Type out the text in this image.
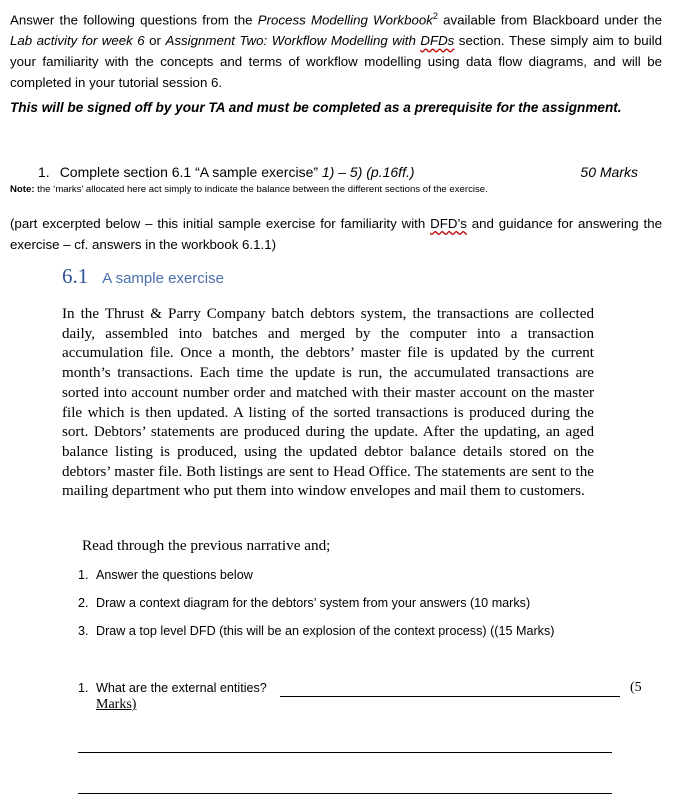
Answer the following questions from the Process Modelling Workbook$^2$ available from Blackboard under the Lab activity for week 6 or Assignment Two: Workflow Modelling with DFDs section. These simply aim to build your familiarity with the concepts and terms of workflow modelling using data flow diagrams, and will be completed in your tutorial session 6.
This will be signed off by your TA and must be completed as a prerequisite for the assignment.
1. Complete section 6.1 “A sample exercise” 1) – 5) (p.16ff.)	50 Marks
Note: the ‘marks’ allocated here act simply to indicate the balance between the different sections of the exercise.
(part excerpted below – this initial sample exercise for familiarity with DFD’s and guidance for answering the exercise – cf. answers in the workbook 6.1.1)
6.1 A sample exercise
In the Thrust & Parry Company batch debtors system, the transactions are collected daily, assembled into batches and merged by the computer into a transaction accumulation file. Once a month, the debtors’ master file is updated by the current month’s transactions. Each time the update is run, the accumulated transactions are sorted into account number order and matched with their master account on the master file which is then updated. A listing of the sorted transactions is produced during the sort. Debtors’ statements are produced during the update. After the updating, an aged balance listing is produced, using the updated debtor balance details stored on the debtors’ master file. Both listings are sent to Head Office. The statements are sent to the mailing department who put them into window envelopes and mail them to customers.
Read through the previous narrative and;
1. Answer the questions below
2. Draw a context diagram for the debtors’ system from your answers (10 marks)
3. Draw a top level DFD (this will be an explosion of the context process) ((15 Marks)
1. What are the external entities?	(5
Marks)
